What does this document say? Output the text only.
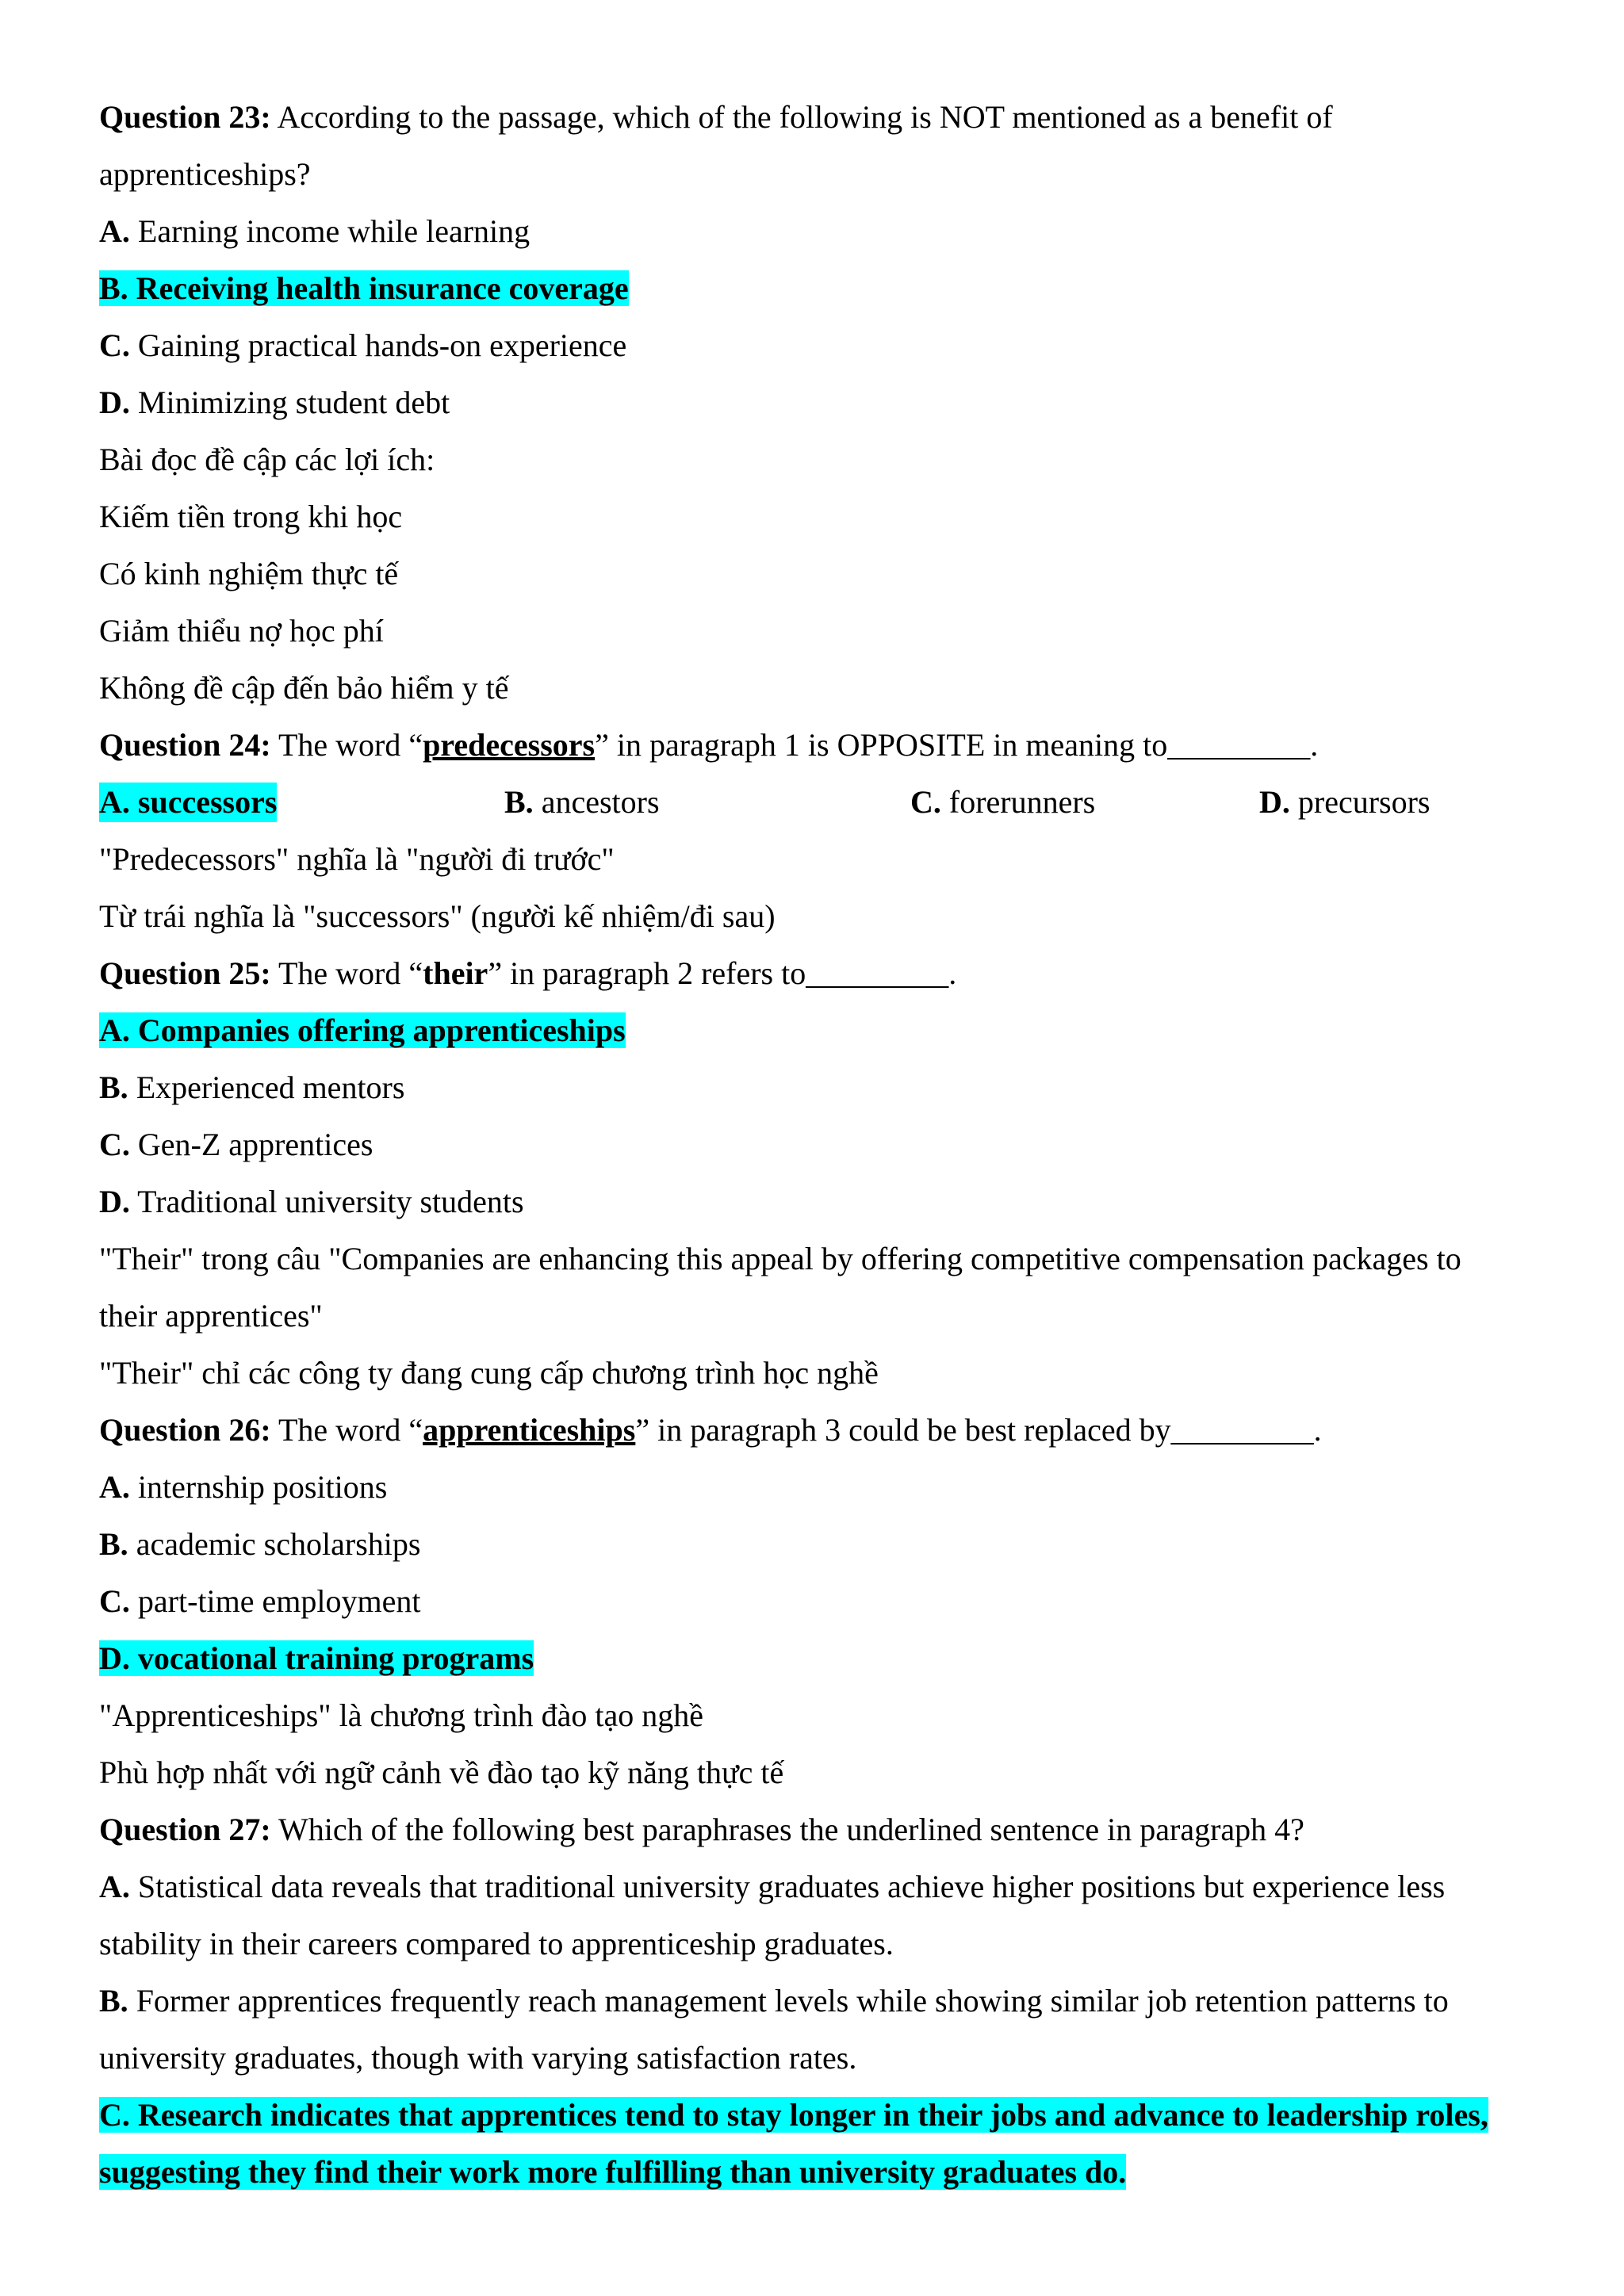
Question 23: According to the passage, which of the following is NOT mentioned as a benefit of
apprenticeships?
A. Earning income while learning
B. Receiving health insurance coverage
C. Gaining practical hands-on experience
D. Minimizing student debt
Bài đọc đề cập các lợi ích:
Kiếm tiền trong khi học
Có kinh nghiệm thực tế
Giảm thiểu nợ học phí
Không đề cập đến bảo hiểm y tế
Question 24: The word “predecessors” in paragraph 1 is OPPOSITE in meaning to_________.
A. successors	B. ancestors	C. forerunners	D. precursors
"Predecessors" nghĩa là "người đi trước"
Từ trái nghĩa là "successors" (người kế nhiệm/đi sau)
Question 25: The word “their” in paragraph 2 refers to_________.
A. Companies offering apprenticeships
B. Experienced mentors
C. Gen-Z apprentices
D. Traditional university students
"Their" trong câu "Companies are enhancing this appeal by offering competitive compensation packages to
their apprentices"
"Their" chỉ các công ty đang cung cấp chương trình học nghề
Question 26: The word “apprenticeships” in paragraph 3 could be best replaced by_________.
A. internship positions
B. academic scholarships
C. part-time employment
D. vocational training programs
"Apprenticeships" là chương trình đào tạo nghề
Phù hợp nhất với ngữ cảnh về đào tạo kỹ năng thực tế
Question 27: Which of the following best paraphrases the underlined sentence in paragraph 4?
A. Statistical data reveals that traditional university graduates achieve higher positions but experience less
stability in their careers compared to apprenticeship graduates.
B. Former apprentices frequently reach management levels while showing similar job retention patterns to
university graduates, though with varying satisfaction rates.
C. Research indicates that apprentices tend to stay longer in their jobs and advance to leadership roles,
suggesting they find their work more fulfilling than university graduates do.
